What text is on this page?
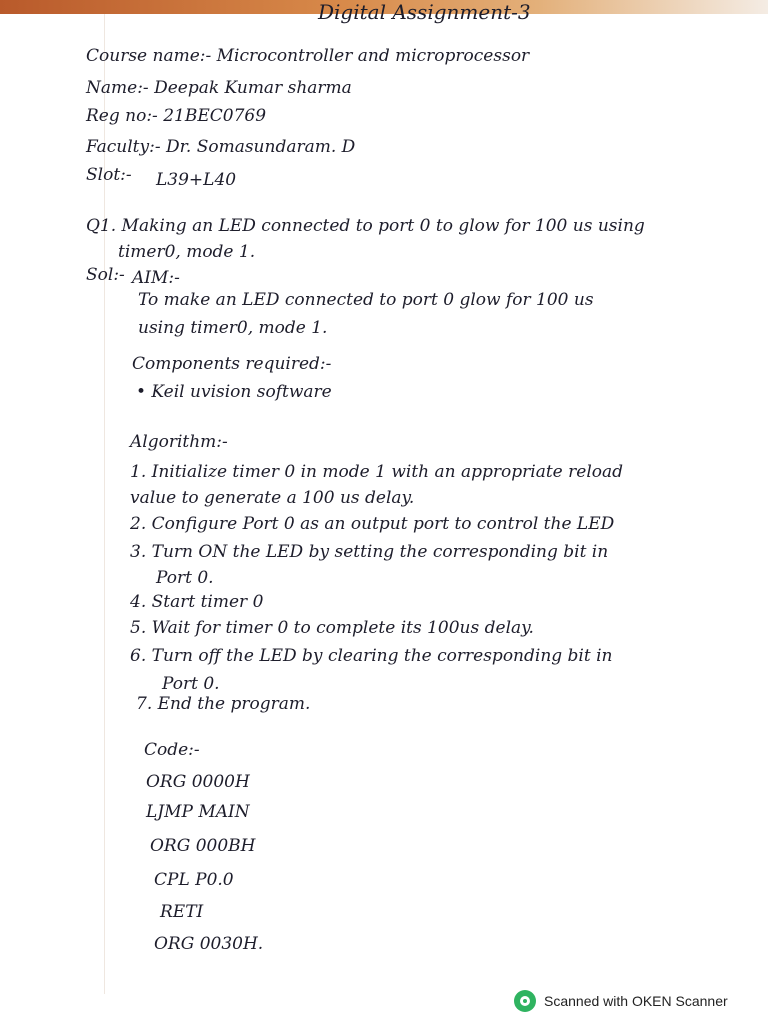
Digital Assignment-3
Course name:- Microcontroller and microprocessor
Name:- Deepak Kumar sharma
Reg no:- 21BEC0769
Faculty:- Dr. Somasundaram. D
Slot:- L39+L40
Q1. Making an LED connected to port 0 to glow for 100 us using
timer0, mode 1.
Sol:- AIM:-
To make an LED connected to port 0 glow for 100 us
using timer0, mode 1.
Components required:-
• Keil uvision software
Algorithm:-
1. Initialize timer 0 in mode 1 with an appropriate reload
value to generate a 100 us delay.
2. Configure Port 0 as an output port to control the LED
3. Turn ON the LED by setting the corresponding bit in
Port 0.
4. Start timer 0
5. Wait for timer 0 to complete its 100us delay.
6. Turn off the LED by clearing the corresponding bit in
Port 0.
7. End the program.
Code:-
ORG 0000H
LJMP MAIN
ORG 000BH
CPL P0.0
RETI
ORG 0030H.
Scanned with OKEN Scanner
